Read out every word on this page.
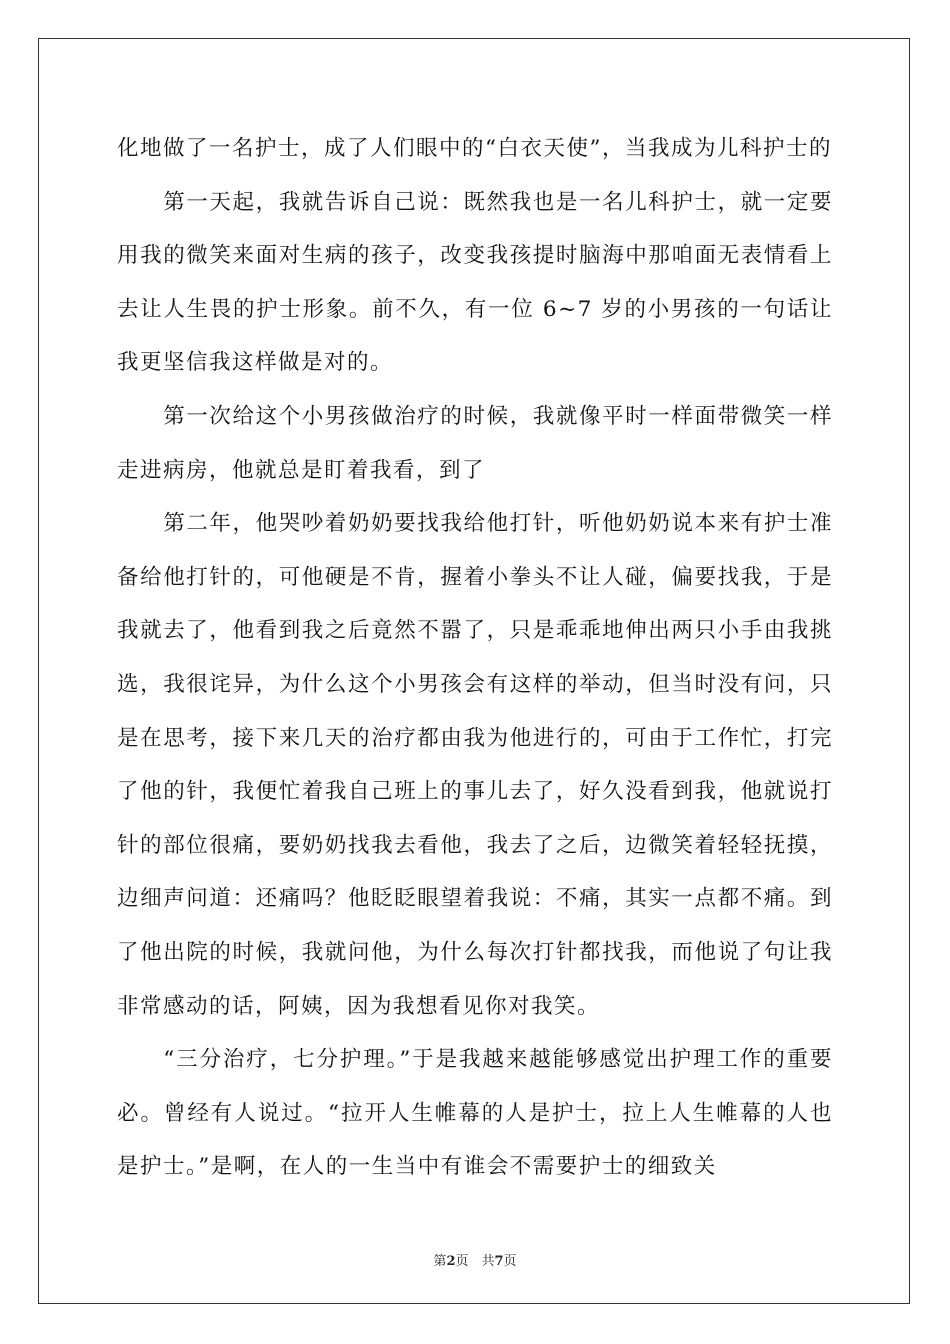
化地做了一名护士，成了人们眼中的“白衣天使”，当我成为儿科护士的

第一天起，我就告诉自己说：既然我也是一名儿科护士，就一定要用我的微笑来面对生病的孩子，改变我孩提时脑海中那咱面无表情看上去让人生畏的护士形象。前不久，有一位 6~7 岁的小男孩的一句话让我更坚信我这样做是对的。

第一次给这个小男孩做治疗的时候，我就像平时一样面带微笑一样走进病房，他就总是盯着我看，到了

第二年，他哭吵着奶奶要找我给他打针，听他奶奶说本来有护士准备给他打针的，可他硬是不肯，握着小拳头不让人碰，偏要找我，于是我就去了，他看到我之后竟然不嚣了，只是乖乖地伸出两只小手由我挑选，我很诧异，为什么这个小男孩会有这样的举动，但当时没有问，只是在思考，接下来几天的治疗都由我为他进行的，可由于工作忙，打完了他的针，我便忙着我自己班上的事儿去了，好久没看到我，他就说打针的部位很痛，要奶奶找我去看他，我去了之后，边微笑着轻轻抚摸，边细声问道：还痛吗？他眨眨眼望着我说：不痛，其实一点都不痛。到了他出院的时候，我就问他，为什么每次打针都找我，而他说了句让我非常感动的话，阿姨，因为我想看见你对我笑。

“三分治疗，七分护理。”于是我越来越能够感觉出护理工作的重要必。曾经有人说过。“拉开人生帷幕的人是护士，拉上人生帷幕的人也是护士。”是啊，在人的一生当中有谁会不需要护士的细致关

第2页　共7页
